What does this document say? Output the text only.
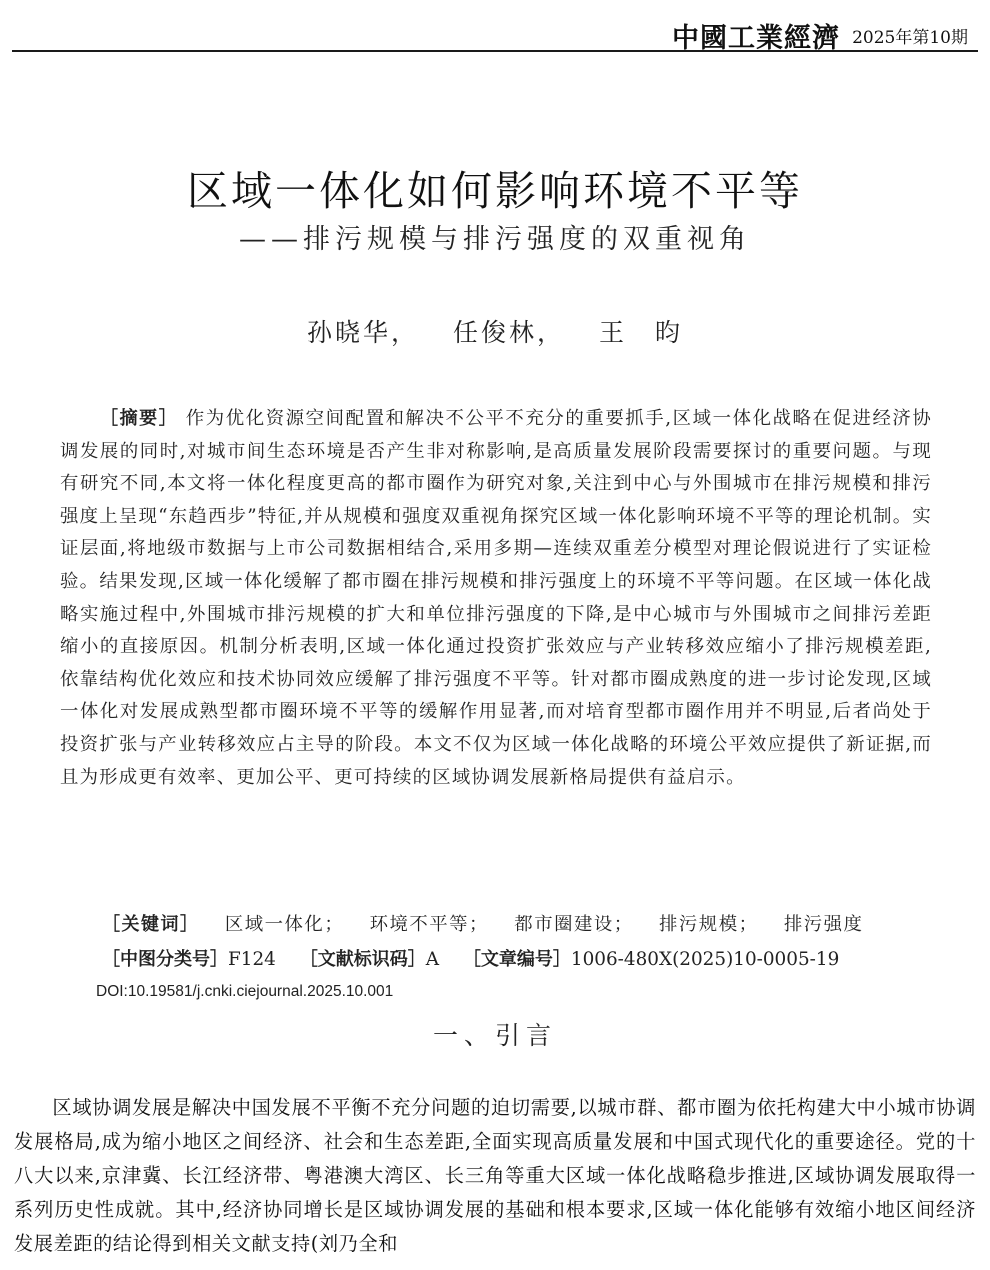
中國工業經濟 2025年第10期
区域一体化如何影响环境不平等
——排污规模与排污强度的双重视角
孙晓华， 任俊林， 王　昀
［摘要］ 作为优化资源空间配置和解决不公平不充分的重要抓手,区域一体化战略在促进经济协调发展的同时,对城市间生态环境是否产生非对称影响,是高质量发展阶段需要探讨的重要问题。与现有研究不同,本文将一体化程度更高的都市圈作为研究对象,关注到中心与外围城市在排污规模和排污强度上呈现“东趋西步”特征,并从规模和强度双重视角探究区域一体化影响环境不平等的理论机制。实证层面,将地级市数据与上市公司数据相结合,采用多期—连续双重差分模型对理论假说进行了实证检验。结果发现,区域一体化缓解了都市圈在排污规模和排污强度上的环境不平等问题。在区域一体化战略实施过程中,外围城市排污规模的扩大和单位排污强度的下降,是中心城市与外围城市之间排污差距缩小的直接原因。机制分析表明,区域一体化通过投资扩张效应与产业转移效应缩小了排污规模差距,依靠结构优化效应和技术协同效应缓解了排污强度不平等。针对都市圈成熟度的进一步讨论发现,区域一体化对发展成熟型都市圈环境不平等的缓解作用显著,而对培育型都市圈作用并不明显,后者尚处于投资扩张与产业转移效应占主导的阶段。本文不仅为区域一体化战略的环境公平效应提供了新证据,而且为形成更有效率、更加公平、更可持续的区域协调发展新格局提供有益启示。
［关键词］ 区域一体化； 环境不平等； 都市圈建设； 排污规模； 排污强度
［中图分类号］F124 ［文献标识码］A ［文章编号］1006-480X(2025)10-0005-19
DOI:10.19581/j.cnki.ciejournal.2025.10.001
一、引言
区域协调发展是解决中国发展不平衡不充分问题的迫切需要,以城市群、都市圈为依托构建大中小城市协调发展格局,成为缩小地区之间经济、社会和生态差距,全面实现高质量发展和中国式现代化的重要途径。党的十八大以来,京津冀、长江经济带、粤港澳大湾区、长三角等重大区域一体化战略稳步推进,区域协调发展取得一系列历史性成就。其中,经济协同增长是区域协调发展的基础和根本要求,区域一体化能够有效缩小地区间经济发展差距的结论得到相关文献支持(刘乃全和
